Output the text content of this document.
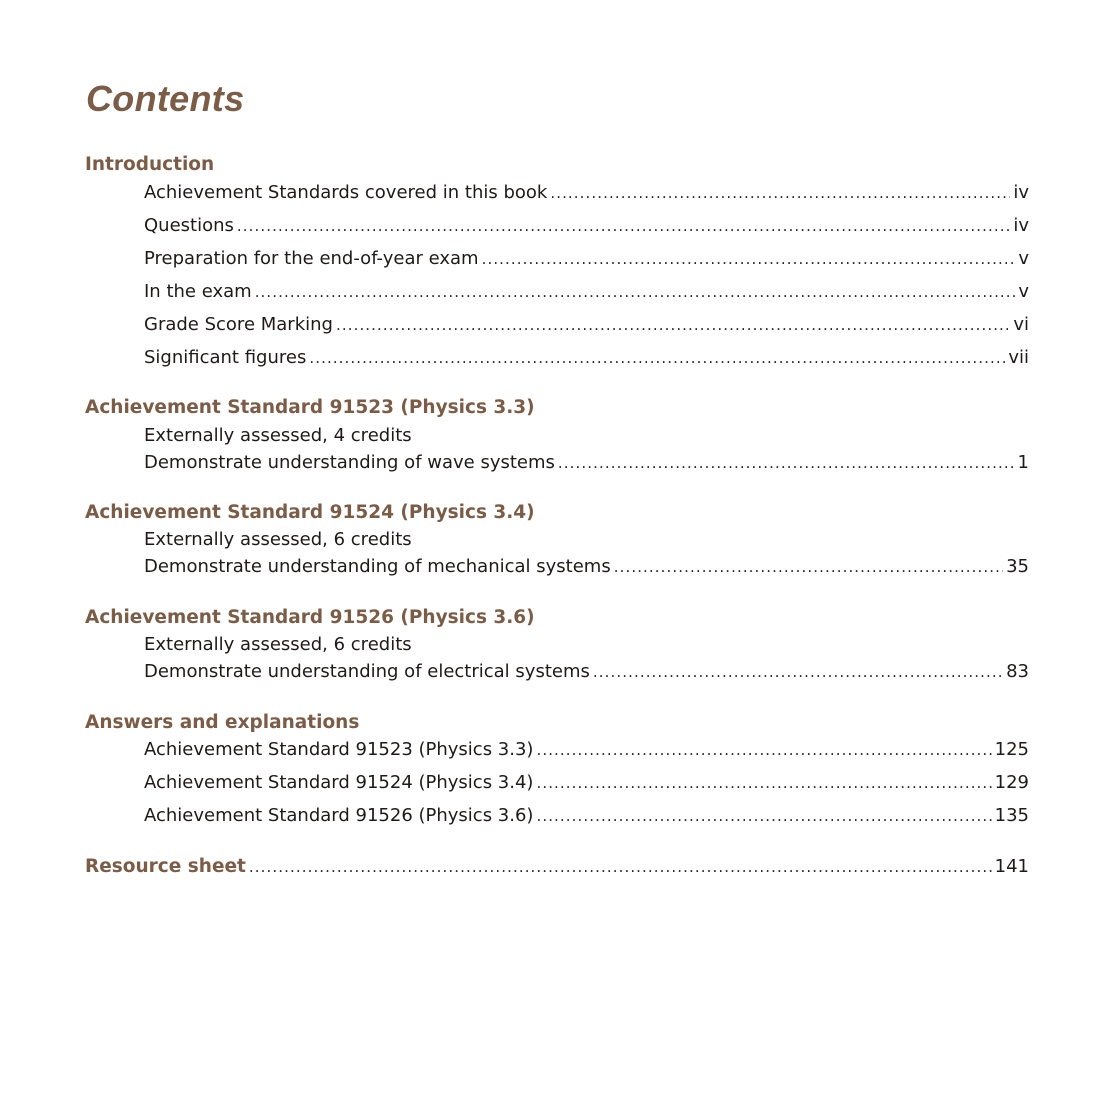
Contents
Introduction
Achievement Standards covered in this book .....	iv
Questions .....	iv
Preparation for the end-of-year exam .....	v
In the exam .....	v
Grade Score Marking .....	vi
Significant figures .....	vii
Achievement Standard 91523 (Physics 3.3)
Externally assessed, 4 credits
Demonstrate understanding of wave systems .....	1
Achievement Standard 91524 (Physics 3.4)
Externally assessed, 6 credits
Demonstrate understanding of mechanical systems .....	35
Achievement Standard 91526 (Physics 3.6)
Externally assessed, 6 credits
Demonstrate understanding of electrical systems .....	83
Answers and explanations
Achievement Standard 91523 (Physics 3.3) .....	125
Achievement Standard 91524 (Physics 3.4) .....	129
Achievement Standard 91526 (Physics 3.6) .....	135
Resource sheet .....	141
